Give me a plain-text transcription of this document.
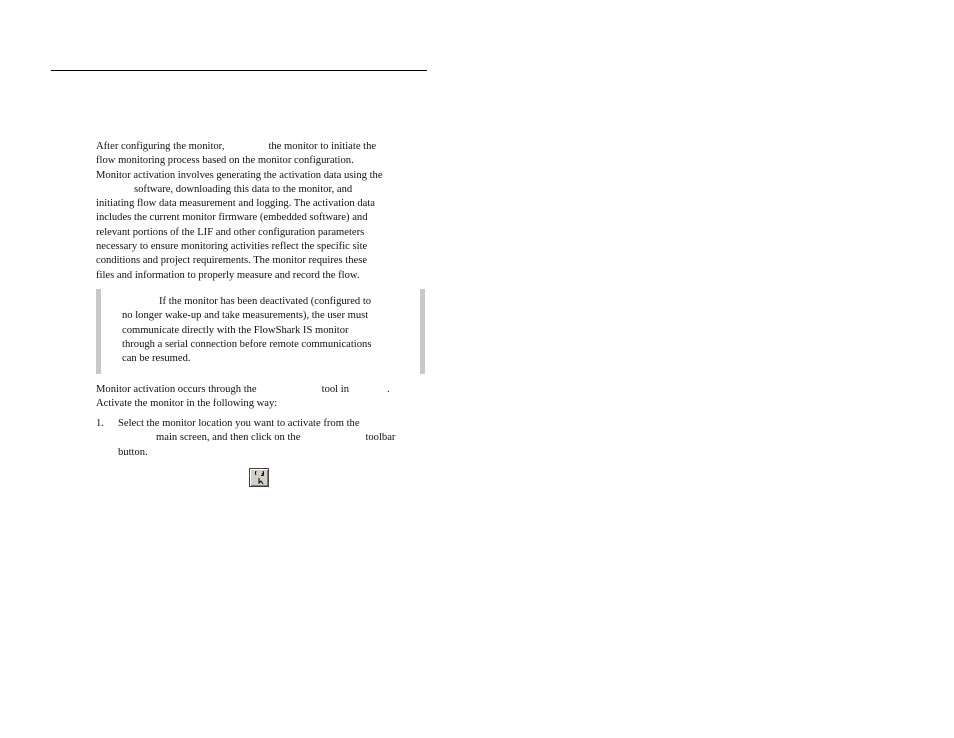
After configuring the monitor,	the monitor to initiate the
flow monitoring process based on the monitor configuration.
Monitor activation involves generating the activation data using the
software, downloading this data to the monitor, and
initiating flow data measurement and logging. The activation data
includes the current monitor firmware (embedded software) and
relevant portions of the LIF and other configuration parameters
necessary to ensure monitoring activities reflect the specific site
conditions and project requirements. The monitor requires these
files and information to properly measure and record the flow.
If the monitor has been deactivated (configured to
no longer wake-up and take measurements), the user must
communicate directly with the FlowShark IS monitor
through a serial connection before remote communications
can be resumed.
Monitor activation occurs through the	tool in	.
Activate the monitor in the following way:
1. Select the monitor location you want to activate from the
main screen, and then click on the	toolbar
button.
